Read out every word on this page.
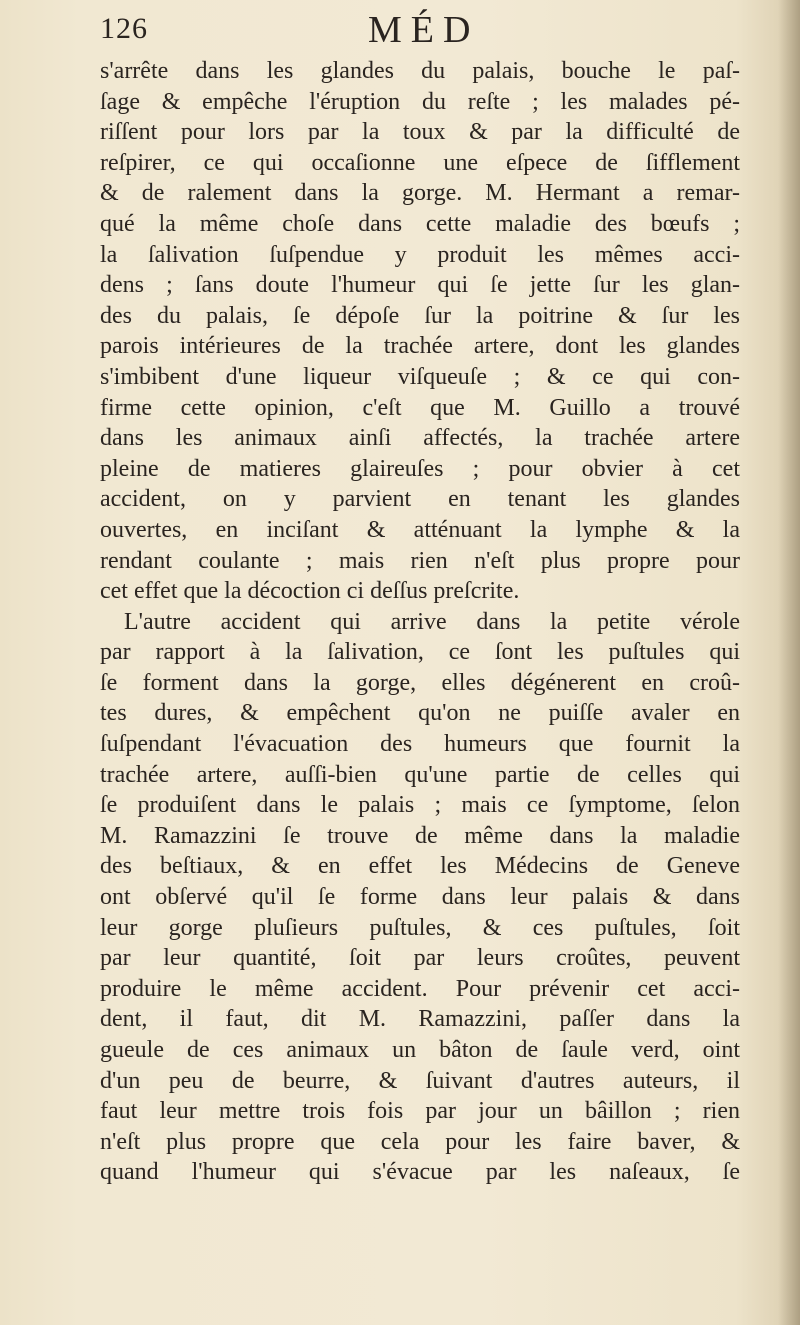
126	MÉD
s'arrête dans les glandes du palais, bouche le paſ-
ſage & empêche l'éruption du reſte ; les malades pé-
riſſent pour lors par la toux & par la difficulté de
reſpirer, ce qui occaſionne une eſpece de ſifflement
& de ralement dans la gorge. M. Hermant a remar-
qué la même choſe dans cette maladie des bœufs ;
la ſalivation ſuſpendue y produit les mêmes acci-
dens ; ſans doute l'humeur qui ſe jette ſur les glan-
des du palais, ſe dépoſe ſur la poitrine & ſur les
parois intérieures de la trachée artere, dont les glandes
s'imbibent d'une liqueur viſqueuſe ; & ce qui con-
firme cette opinion, c'eſt que M. Guillo a trouvé
dans les animaux ainſi affectés, la trachée artere
pleine de matieres glaireuſes ; pour obvier à cet
accident, on y parvient en tenant les glandes
ouvertes, en inciſant & atténuant la lymphe & la
rendant coulante ; mais rien n'eſt plus propre pour
cet effet que la décoction ci deſſus preſcrite.
L'autre accident qui arrive dans la petite vérole
par rapport à la ſalivation, ce ſont les puſtules qui
ſe forment dans la gorge, elles dégénerent en croû-
tes dures, & empêchent qu'on ne puiſſe avaler en
ſuſpendant l'évacuation des humeurs que fournit la
trachée artere, auſſi-bien qu'une partie de celles qui
ſe produiſent dans le palais ; mais ce ſymptome, ſelon
M. Ramazzini ſe trouve de même dans la maladie
des beſtiaux, & en effet les Médecins de Geneve
ont obſervé qu'il ſe forme dans leur palais & dans
leur gorge pluſieurs puſtules, & ces puſtules, ſoit
par leur quantité, ſoit par leurs croûtes, peuvent
produire le même accident. Pour prévenir cet acci-
dent, il faut, dit M. Ramazzini, paſſer dans la
gueule de ces animaux un bâton de ſaule verd, oint
d'un peu de beurre, & ſuivant d'autres auteurs, il
faut leur mettre trois fois par jour un bâillon ; rien
n'eſt plus propre que cela pour les faire baver, &
quand l'humeur qui s'évacue par les naſeaux, ſe
